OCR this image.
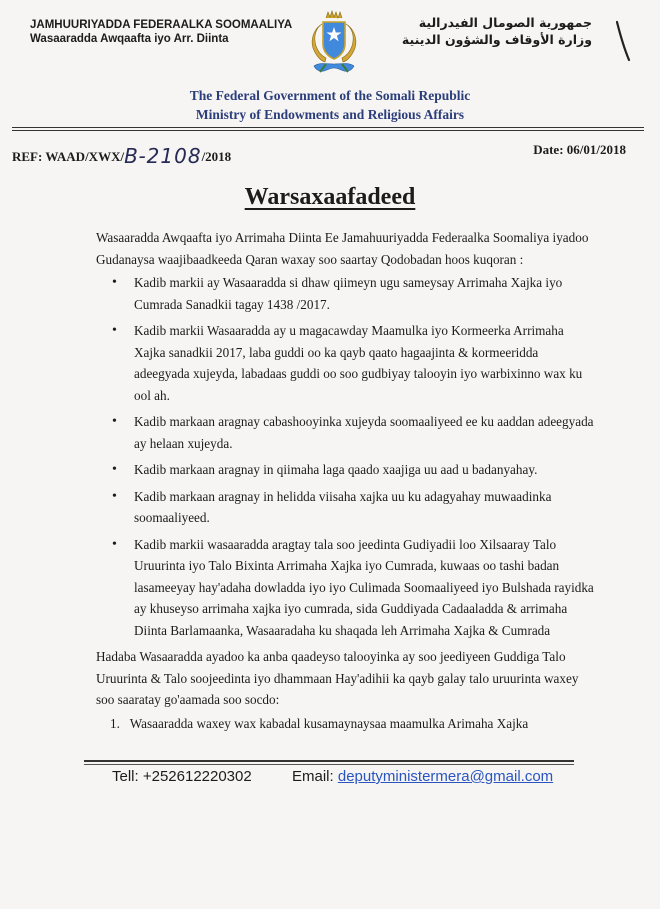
JAMHUURIYADDA FEDERAALKA SOOMAALIYA
Wasaaradda Awqaafta iyo Arr. Diinta
جمهورية الصومال الفيدرالية
وزارة الأوقاف والشؤون الدينية
The Federal Government of the Somali Republic
Ministry of Endowments and Religious Affairs
REF: WAAD/XWX/B-2108/2018	Date: 06/01/2018
Warsaxaafadeed

Wasaaradda Awqaafta iyo Arrimaha Diinta Ee Jamahuuriyadda Federaalka Soomaliya iyadoo Gudanaysa waajibaadkeeda Qaran waxay soo saartay Qodobadan hoos kuqoran :

• Kadib markii ay Wasaaradda si dhaw qiimeyn ugu sameysay Arrimaha Xajka iyo Cumrada Sanadkii tagay 1438 /2017.
• Kadib markii Wasaaradda ay u magacawday Maamulka iyo Kormeerka Arrimaha Xajka sanadkii 2017, laba guddi oo ka qayb qaato hagaajinta & kormeeridda adeegyada xujeyda, labadaas guddi oo soo gudbiyay talooyin iyo warbixinno wax ku ool ah.
• Kadib markaan aragnay cabashooyinka xujeyda soomaaliyeed ee ku aaddan adeegyada ay helaan xujeyda.
• Kadib markaan aragnay in qiimaha laga qaado xaajiga uu aad u badanyahay.
• Kadib markaan aragnay in helidda viisaha xajka uu ku adagyahay muwaadinka soomaaliyeed.
• Kadib markii wasaaradda aragtay tala soo jeedinta Gudiyadii loo Xilsaaray Talo Uruurinta iyo Talo Bixinta Arrimaha Xajka iyo Cumrada, kuwaas oo tashi badan lasameeyay hay'adaha dowladda iyo iyo Culimada Soomaaliyeed iyo Bulshada rayidka ay khuseyso arrimaha xajka iyo cumrada, sida Guddiyada Cadaaladda & arrimaha Diinta Barlamaanka, Wasaaradaha ku shaqada leh Arrimaha Xajka & Cumrada

Hadaba Wasaaradda ayadoo ka anba qaadeyso talooyinka ay soo jeediyeen Guddiga Talo Uruurinta & Talo soojeedinta iyo dhammaan Hay'adihii ka qayb galay talo uruurinta waxey soo saaratay go'aamada soo socdo:

1. Wasaaradda waxey wax kabadal kusamaynaysaa maamulka Arimaha Xajka
Tell: +252612220302	Email: deputyministermera@gmail.com
